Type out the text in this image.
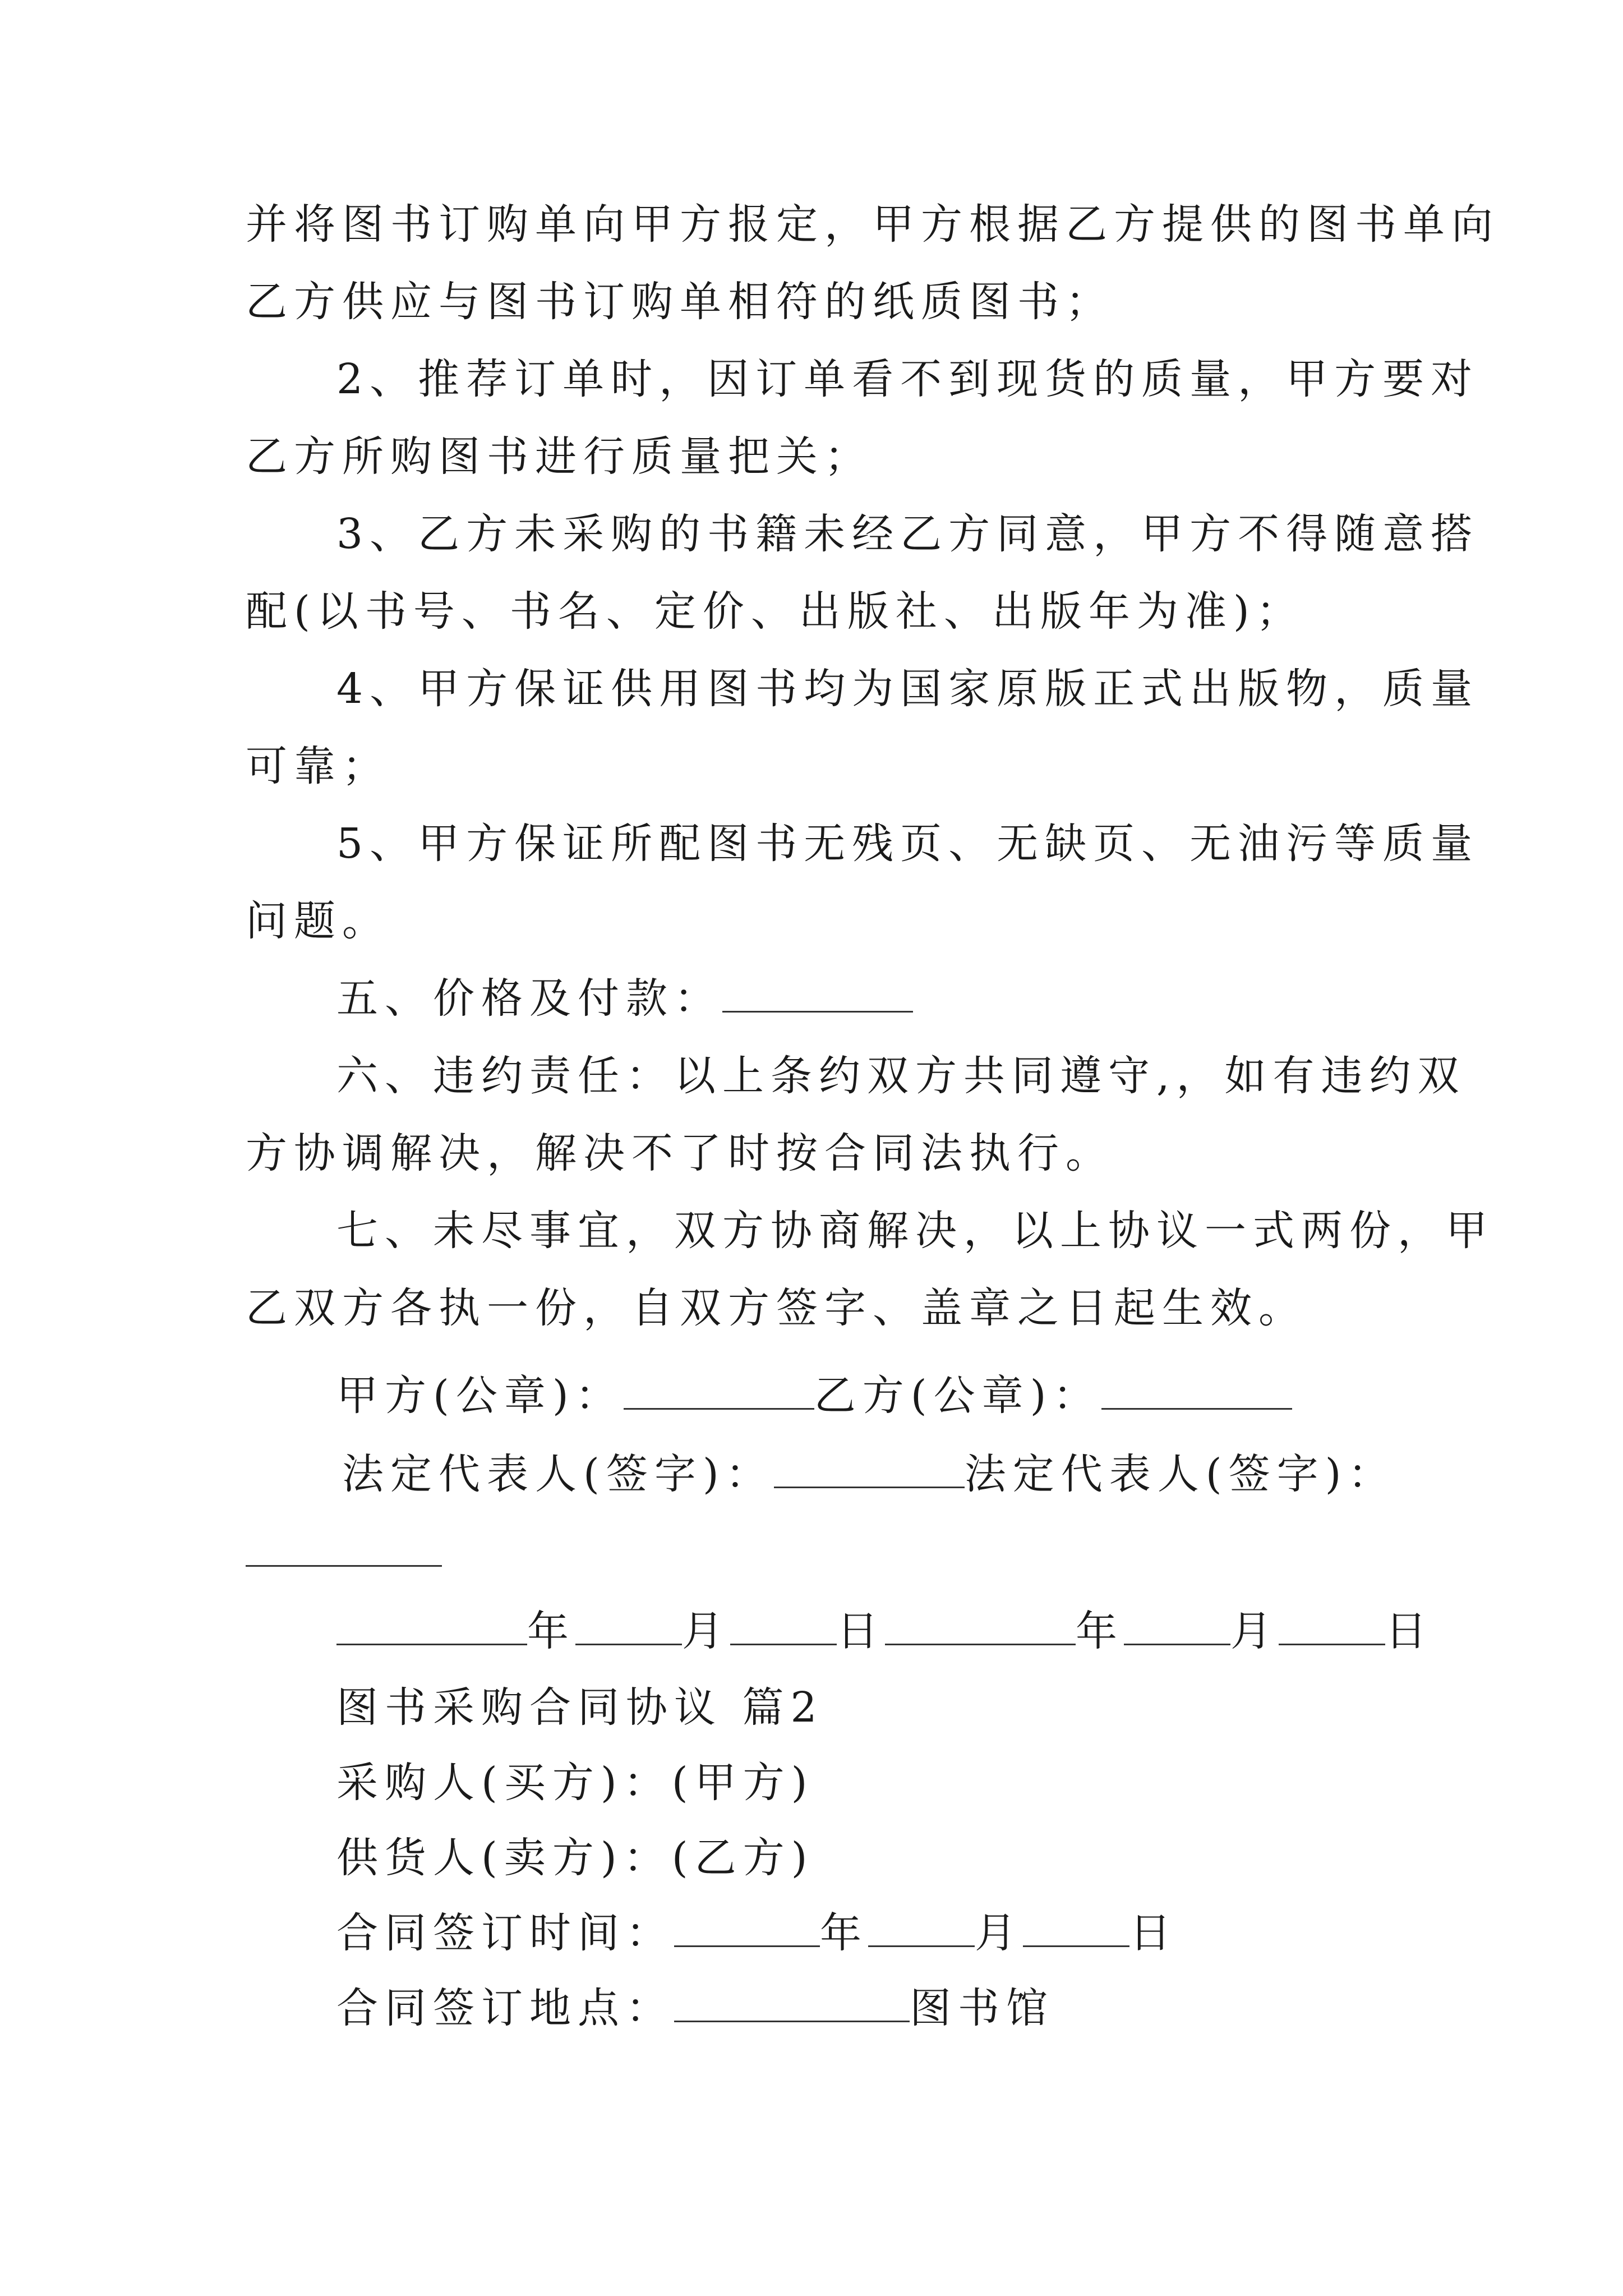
并将图书订购单向甲方报定，甲方根据乙方提供的图书单向
乙方供应与图书订购单相符的纸质图书；
2、推荐订单时，因订单看不到现货的质量，甲方要对
乙方所购图书进行质量把关；
3、乙方未采购的书籍未经乙方同意，甲方不得随意搭
配(以书号、书名、定价、出版社、出版年为准)；
4、甲方保证供用图书均为国家原版正式出版物，质量
可靠；
5、甲方保证所配图书无残页、无缺页、无油污等质量
问题。
五、价格及付款：
六、违约责任：以上条约双方共同遵守,，如有违约双
方协调解决，解决不了时按合同法执行。
七、未尽事宜，双方协商解决，以上协议一式两份，甲
乙双方各执一份，自双方签字、盖章之日起生效。
甲方(公章)：	乙方(公章)：
法定代表人(签字)：	法定代表人(签字)：
年	月	日	年	月	日
图书采购合同协议 篇2
采购人(买方)：(甲方)
供货人(卖方)：(乙方)
合同签订时间：	年	月	日
合同签订地点：	图书馆
